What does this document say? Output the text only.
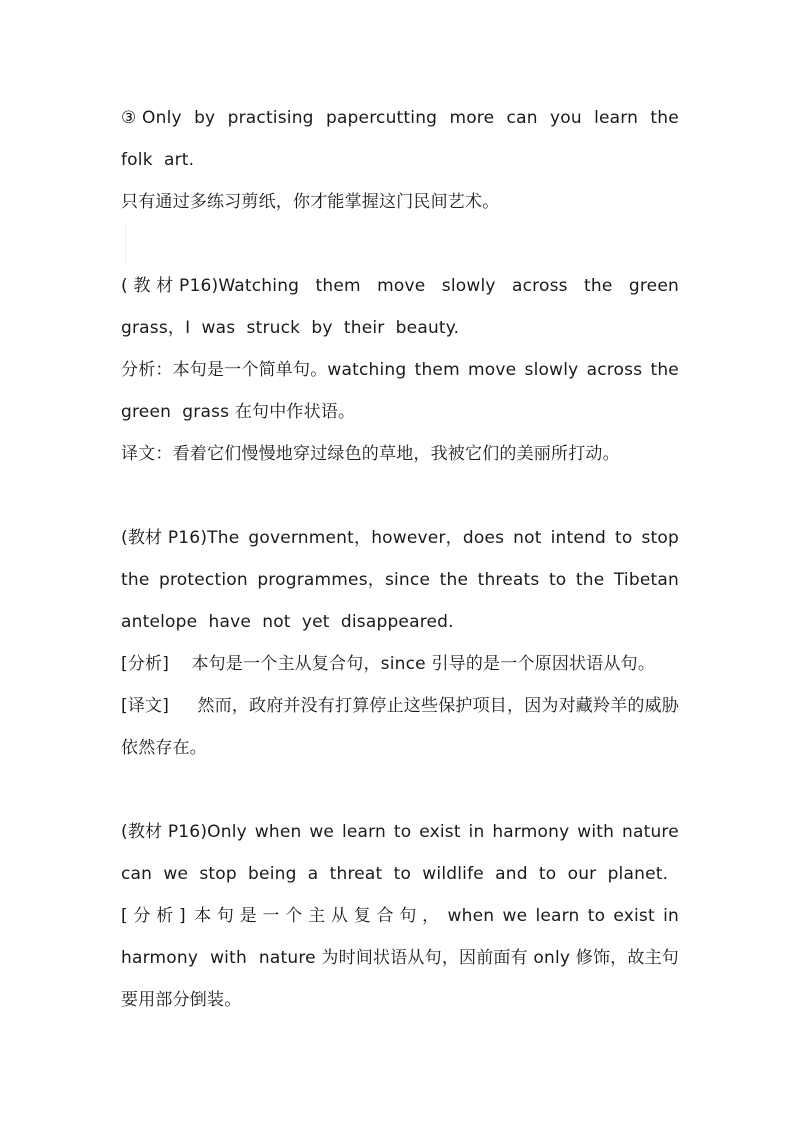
③ Only by practising papercutting more can you learn the
folk  art.
只有通过多练习剪纸，你才能掌握这门民间艺术。
( 教 材 P16)Watching them move slowly across the green
grass，I  was  struck  by  their  beauty.
分析：本句是一个简单句。watching them move slowly across the
green  grass 在句中作状语。
译文：看着它们慢慢地穿过绿色的草地，我被它们的美丽所打动。
(教材 P16)The government，however，does not intend to stop
the protection programmes，since the threats to the Tibetan
antelope  have  not  yet  disappeared.
[分析]    本句是一个主从复合句，since 引导的是一个原因状语从句。
[译文] 然而，政府并没有打算停止这些保护项目，因为对藏羚羊的威胁
依然存在。
(教材 P16)Only when we learn to exist in harmony with nature
can  we  stop  being  a  threat  to  wildlife  and  to  our  planet.
[ 分 析 ] 本 句 是 一 个 主 从 复 合 句 ， when we learn to exist in
harmony with nature 为时间状语从句，因前面有 only 修饰，故主句
要用部分倒装。
